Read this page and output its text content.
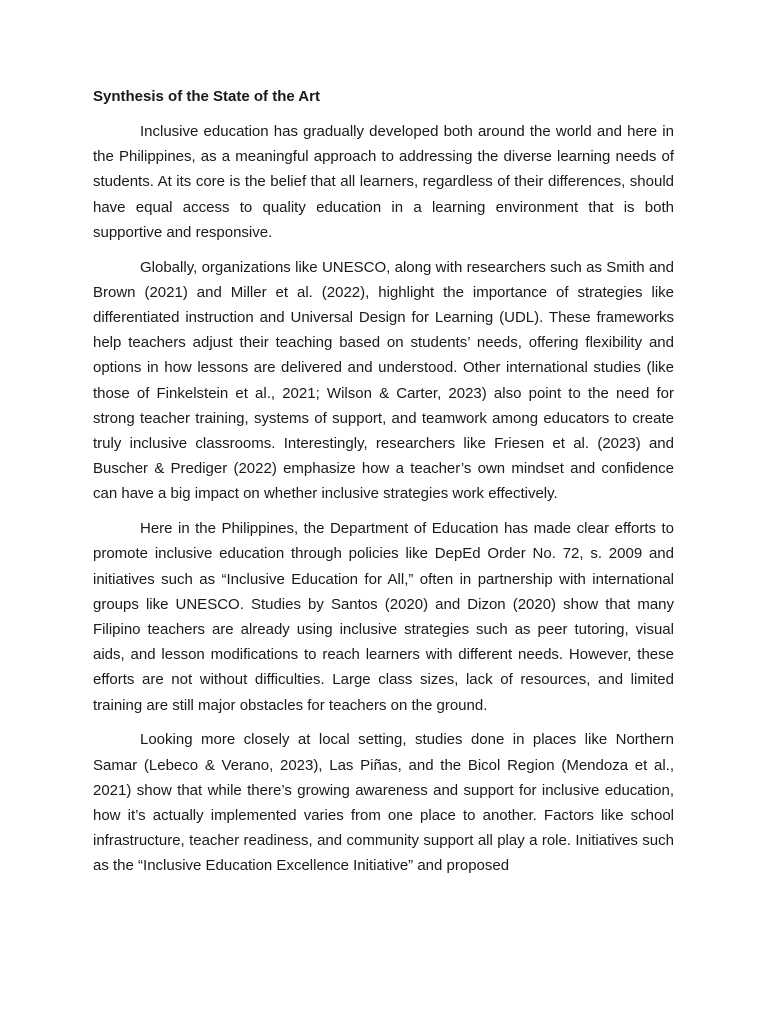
Synthesis of the State of the Art

Inclusive education has gradually developed both around the world and here in the Philippines, as a meaningful approach to addressing the diverse learning needs of students. At its core is the belief that all learners, regardless of their differences, should have equal access to quality education in a learning environment that is both supportive and responsive.

Globally, organizations like UNESCO, along with researchers such as Smith and Brown (2021) and Miller et al. (2022), highlight the importance of strategies like differentiated instruction and Universal Design for Learning (UDL). These frameworks help teachers adjust their teaching based on students’ needs, offering flexibility and options in how lessons are delivered and understood. Other international studies (like those of Finkelstein et al., 2021; Wilson & Carter, 2023) also point to the need for strong teacher training, systems of support, and teamwork among educators to create truly inclusive classrooms. Interestingly, researchers like Friesen et al. (2023) and Buscher & Prediger (2022) emphasize how a teacher’s own mindset and confidence can have a big impact on whether inclusive strategies work effectively.

Here in the Philippines, the Department of Education has made clear efforts to promote inclusive education through policies like DepEd Order No. 72, s. 2009 and initiatives such as “Inclusive Education for All,” often in partnership with international groups like UNESCO. Studies by Santos (2020) and Dizon (2020) show that many Filipino teachers are already using inclusive strategies such as peer tutoring, visual aids, and lesson modifications to reach learners with different needs. However, these efforts are not without difficulties. Large class sizes, lack of resources, and limited training are still major obstacles for teachers on the ground.

Looking more closely at local setting, studies done in places like Northern Samar (Lebeco & Verano, 2023), Las Piñas, and the Bicol Region (Mendoza et al., 2021) show that while there’s growing awareness and support for inclusive education, how it’s actually implemented varies from one place to another. Factors like school infrastructure, teacher readiness, and community support all play a role. Initiatives such as the “Inclusive Education Excellence Initiative” and proposed
